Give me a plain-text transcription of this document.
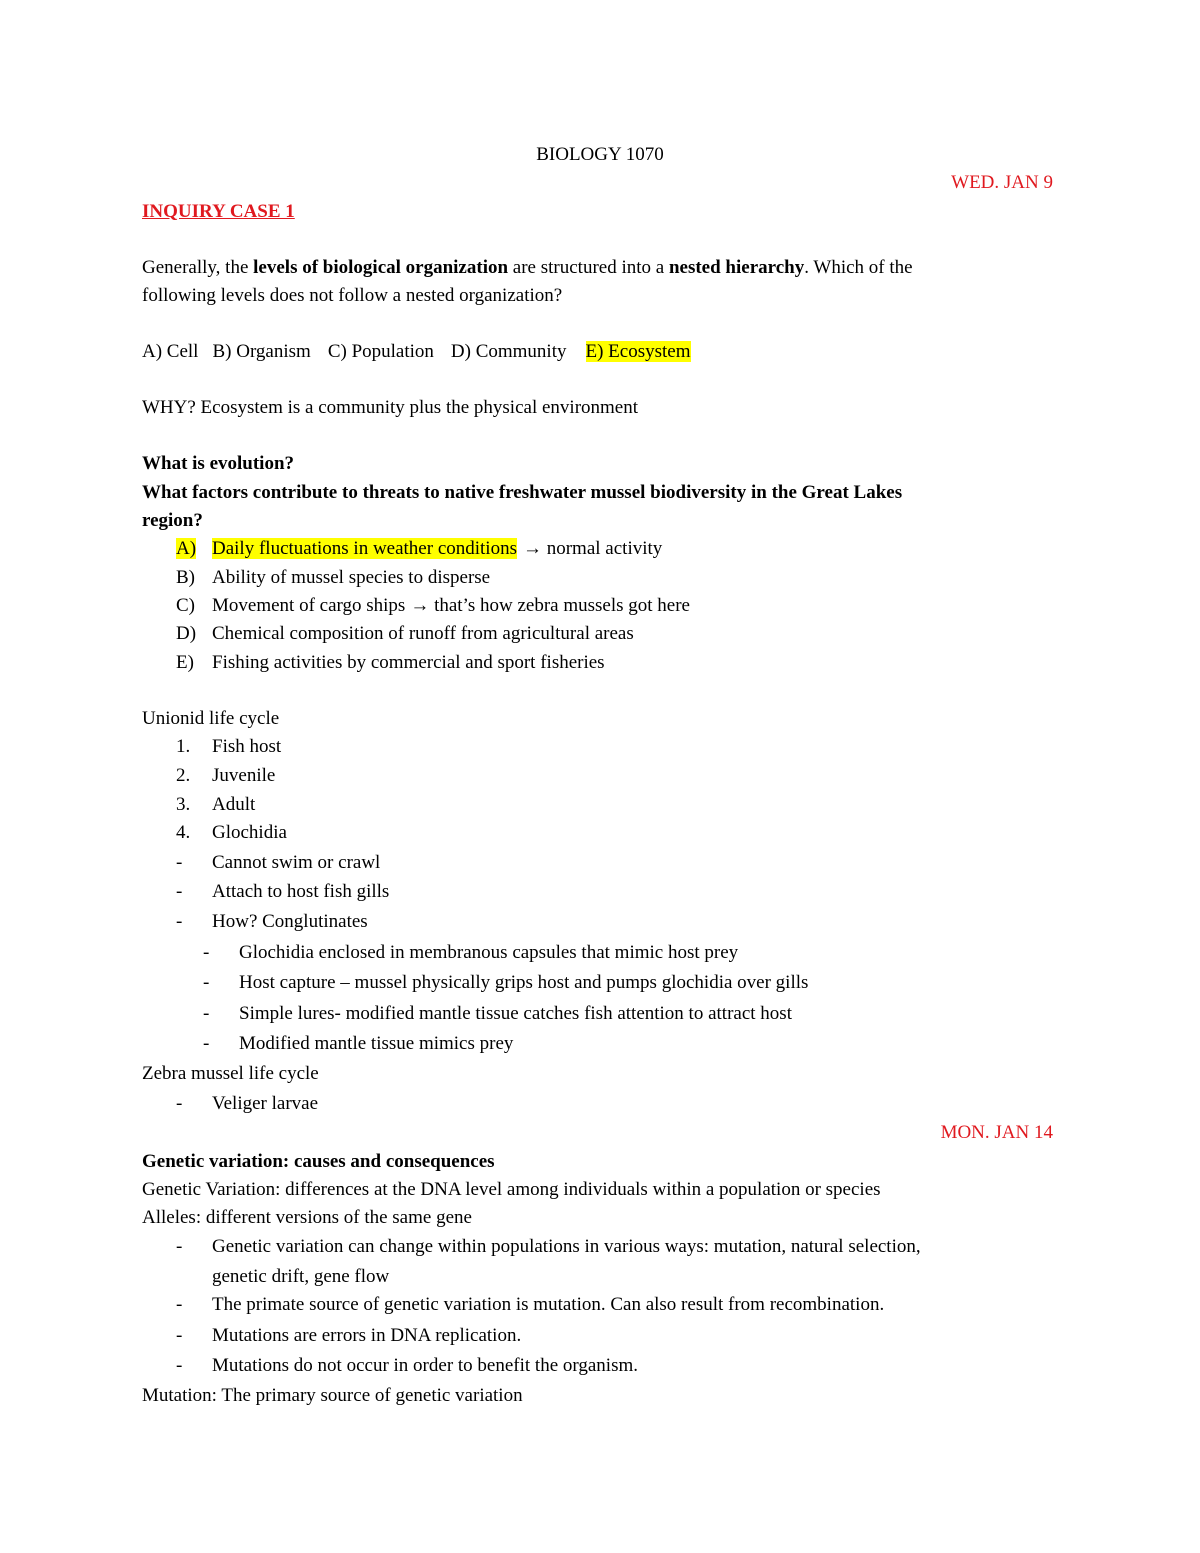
BIOLOGY 1070
WED. JAN 9
INQUIRY CASE 1
Generally, the levels of biological organization are structured into a nested hierarchy. Which of the
following levels does not follow a nested organization?
A) Cell B) Organism C) Population D) Community E) Ecosystem
WHY? Ecosystem is a community plus the physical environment
What is evolution?
What factors contribute to threats to native freshwater mussel biodiversity in the Great Lakes
region?
A) Daily fluctuations in weather conditions → normal activity
B) Ability of mussel species to disperse
C) Movement of cargo ships → that’s how zebra mussels got here
D) Chemical composition of runoff from agricultural areas
E) Fishing activities by commercial and sport fisheries
Unionid life cycle
1. Fish host
2. Juvenile
3. Adult
4. Glochidia
- Cannot swim or crawl
- Attach to host fish gills
- How? Conglutinates
- Glochidia enclosed in membranous capsules that mimic host prey
- Host capture – mussel physically grips host and pumps glochidia over gills
- Simple lures- modified mantle tissue catches fish attention to attract host
- Modified mantle tissue mimics prey
Zebra mussel life cycle
- Veliger larvae
MON. JAN 14
Genetic variation: causes and consequences
Genetic Variation: differences at the DNA level among individuals within a population or species
Alleles: different versions of the same gene
- Genetic variation can change within populations in various ways: mutation, natural selection,
genetic drift, gene flow
- The primate source of genetic variation is mutation. Can also result from recombination.
- Mutations are errors in DNA replication.
- Mutations do not occur in order to benefit the organism.
Mutation: The primary source of genetic variation
